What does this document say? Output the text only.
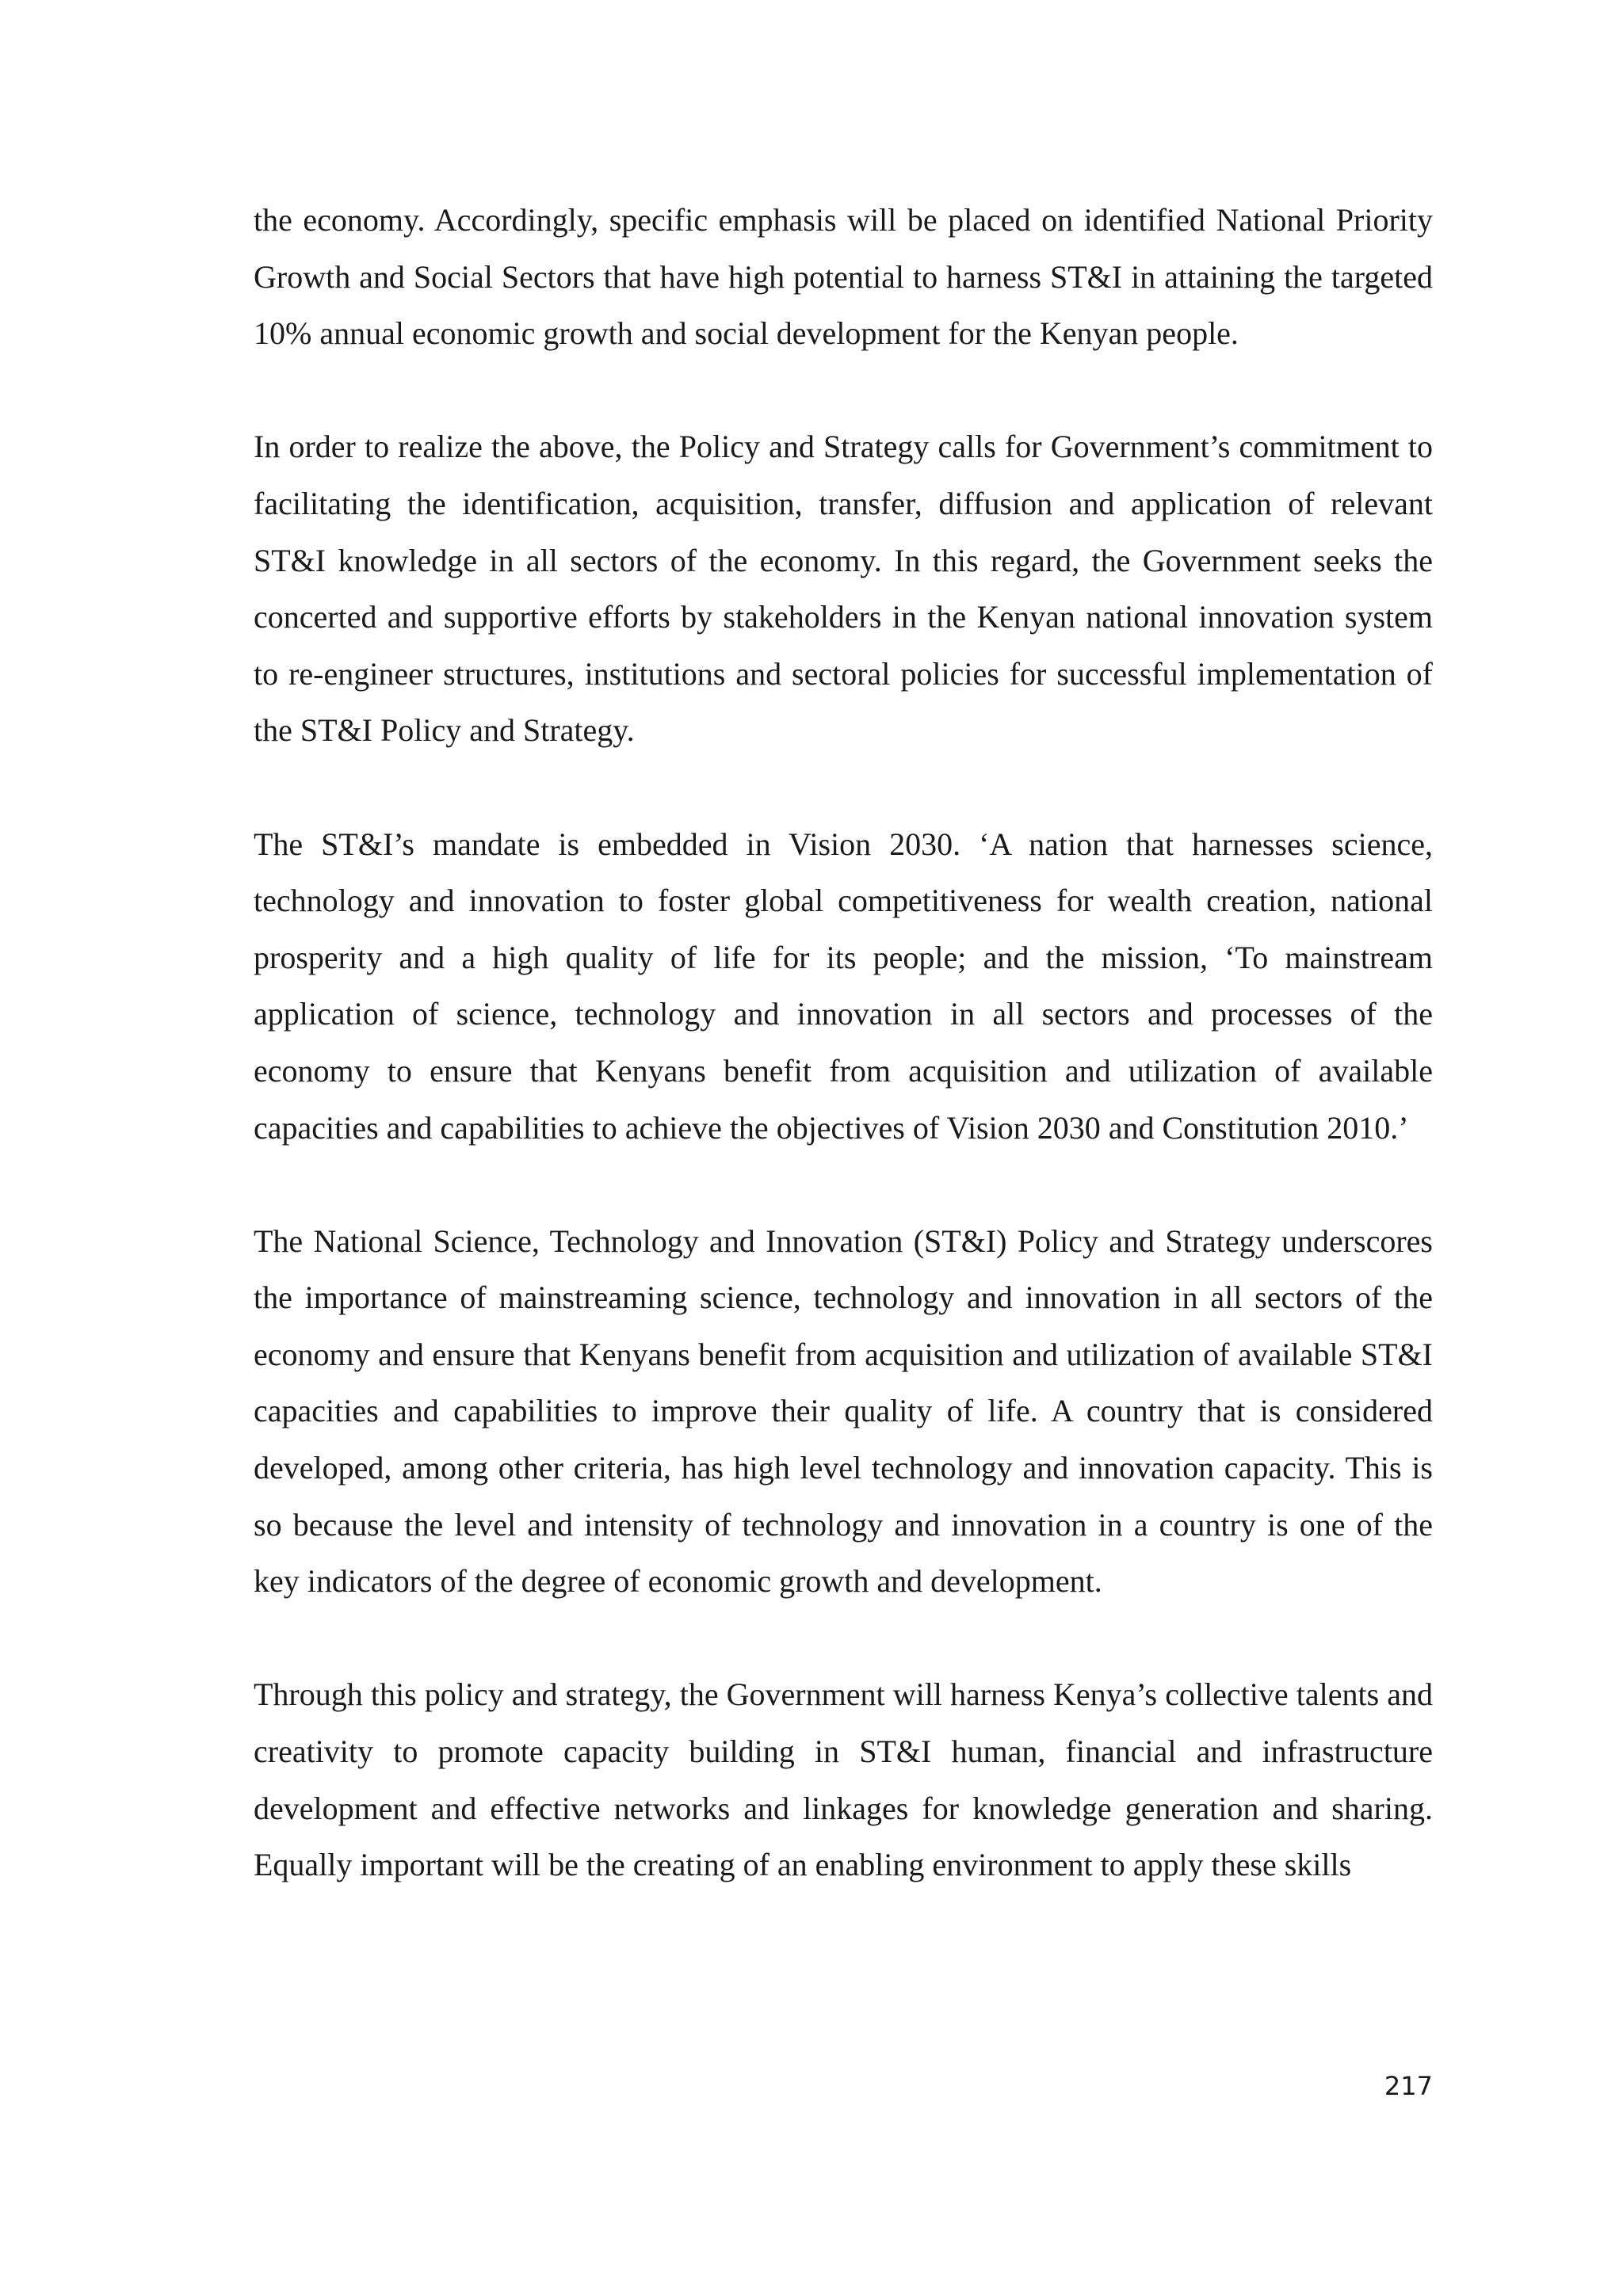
the economy. Accordingly, specific emphasis will be placed on identified National Priority Growth and Social Sectors that have high potential to harness ST&I in attaining the targeted 10% annual economic growth and social development for the Kenyan people.

In order to realize the above, the Policy and Strategy calls for Government’s commitment to facilitating the identification, acquisition, transfer, diffusion and application of relevant ST&I knowledge in all sectors of the economy. In this regard, the Government seeks the concerted and supportive efforts by stakeholders in the Kenyan national innovation system to re-engineer structures, institutions and sectoral policies for successful implementation of the ST&I Policy and Strategy.

The ST&I’s mandate is embedded in Vision 2030. ‘A nation that harnesses science, technology and innovation to foster global competitiveness for wealth creation, national prosperity and a high quality of life for its people; and the mission, ‘To mainstream application of science, technology and innovation in all sectors and processes of the economy to ensure that Kenyans benefit from acquisition and utilization of available capacities and capabilities to achieve the objectives of Vision 2030 and Constitution 2010.’

The National Science, Technology and Innovation (ST&I) Policy and Strategy underscores the importance of mainstreaming science, technology and innovation in all sectors of the economy and ensure that Kenyans benefit from acquisition and utilization of available ST&I capacities and capabilities to improve their quality of life. A country that is considered developed, among other criteria, has high level technology and innovation capacity. This is so because the level and intensity of technology and innovation in a country is one of the key indicators of the degree of economic growth and development.

Through this policy and strategy, the Government will harness Kenya’s collective talents and creativity to promote capacity building in ST&I human, financial and infrastructure development and effective networks and linkages for knowledge generation and sharing. Equally important will be the creating of an enabling environment to apply these skills

217
